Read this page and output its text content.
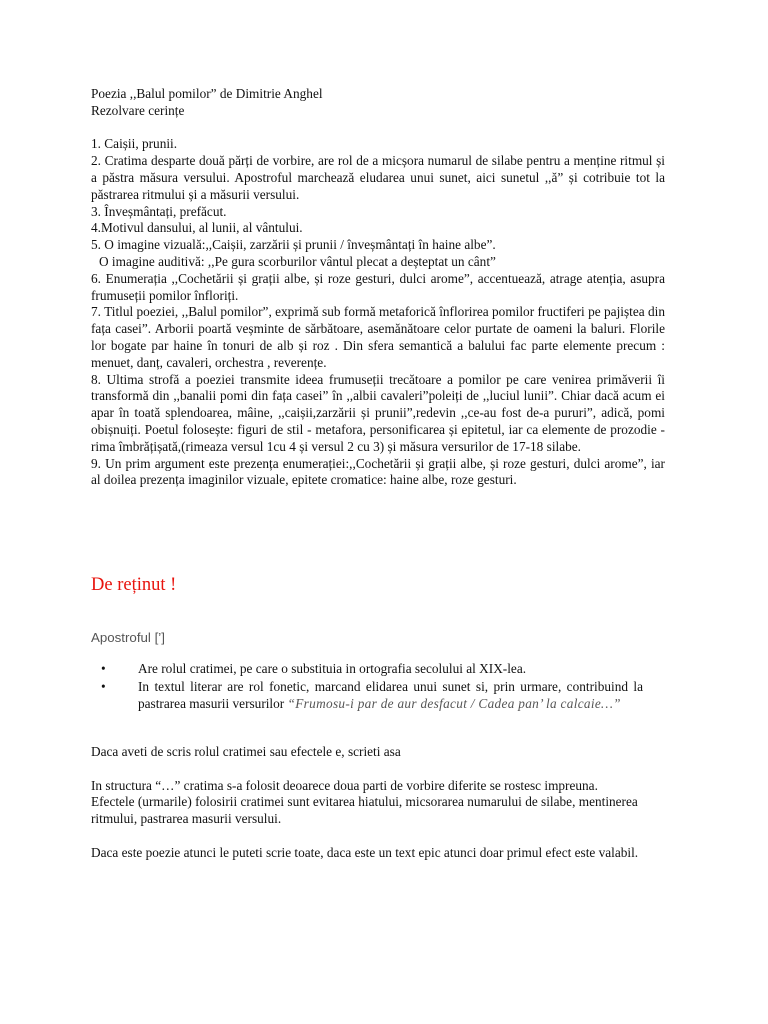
Poezia ,,Balul pomilor” de Dimitrie Anghel

Rezolvare cerințe

1. Caișii, prunii.

2. Cratima desparte două părți de vorbire, are rol de a micșora numarul de silabe pentru a menține ritmul și a păstra măsura versului. Apostroful marchează eludarea unui sunet, aici sunetul ,,ă” și cotribuie tot la păstrarea ritmului și a măsurii versului.

3. Înveșmântați, prefăcut.

4.Motivul dansului, al lunii, al vântului.

5. O imagine vizuală:,,Caișii, zarzării și prunii / înveșmântați în haine albe”.

O imagine auditivă: ,,Pe gura scorburilor vântul plecat a deșteptat un cânt”

6. Enumerația ,,Cochetării și grații albe, și roze gesturi, dulci arome”, accentuează, atrage atenția, asupra frumuseții pomilor înfloriți.

7. Titlul poeziei, ,,Balul pomilor”, exprimă sub formă metaforică înflorirea pomilor fructiferi pe pajiștea din fața casei”. Arborii poartă veșminte de sărbătoare, asemănătoare celor purtate de oameni la baluri. Florile lor bogate par haine în tonuri de alb și roz . Din sfera semantică a balului fac parte elemente precum : menuet, danț, cavaleri, orchestra , reverențe.

8. Ultima strofă a poeziei transmite ideea frumuseții trecătoare a pomilor pe care venirea primăverii îi transformă din ,,banalii pomi din fața casei” în ,,albii cavaleri”poleiți de ,,luciul lunii”. Chiar dacă acum ei apar în toată splendoarea, mâine, ,,caișii,zarzării și prunii”,redevin ,,ce-au fost de-a pururi”, adică, pomi obișnuiți. Poetul folosește: figuri de stil - metafora, personificarea și epitetul, iar ca elemente de prozodie - rima îmbrățișată,(rimeaza versul 1cu 4 și versul 2 cu 3) și măsura versurilor de 17-18 silabe.

9. Un prim argument este prezența enumerației:,,Cochetării și grații albe, și roze gesturi, dulci arome”, iar al doilea prezența imaginilor vizuale, epitete cromatice: haine albe, roze gesturi.

De reținut !

Apostroful [’]

• Are rolul cratimei, pe care o substituia in ortografia secolului al XIX-lea.
• In textul literar are rol fonetic, marcand elidarea unui sunet si, prin urmare, contribuind la pastrarea masurii versurilor “Frumosu-i par de aur desfacut / Cadea pan’ la calcaie…”

Daca aveti de scris rolul cratimei sau efectele e, scrieti asa

In structura “…” cratima s-a folosit deoarece doua parti de vorbire diferite se rostesc impreuna.

Efectele (urmarile) folosirii cratimei sunt evitarea hiatului, micsorarea numarului de silabe, mentinerea ritmului, pastrarea masurii versului.

Daca este poezie atunci le puteti scrie toate, daca este un text epic atunci doar primul efect este valabil.
